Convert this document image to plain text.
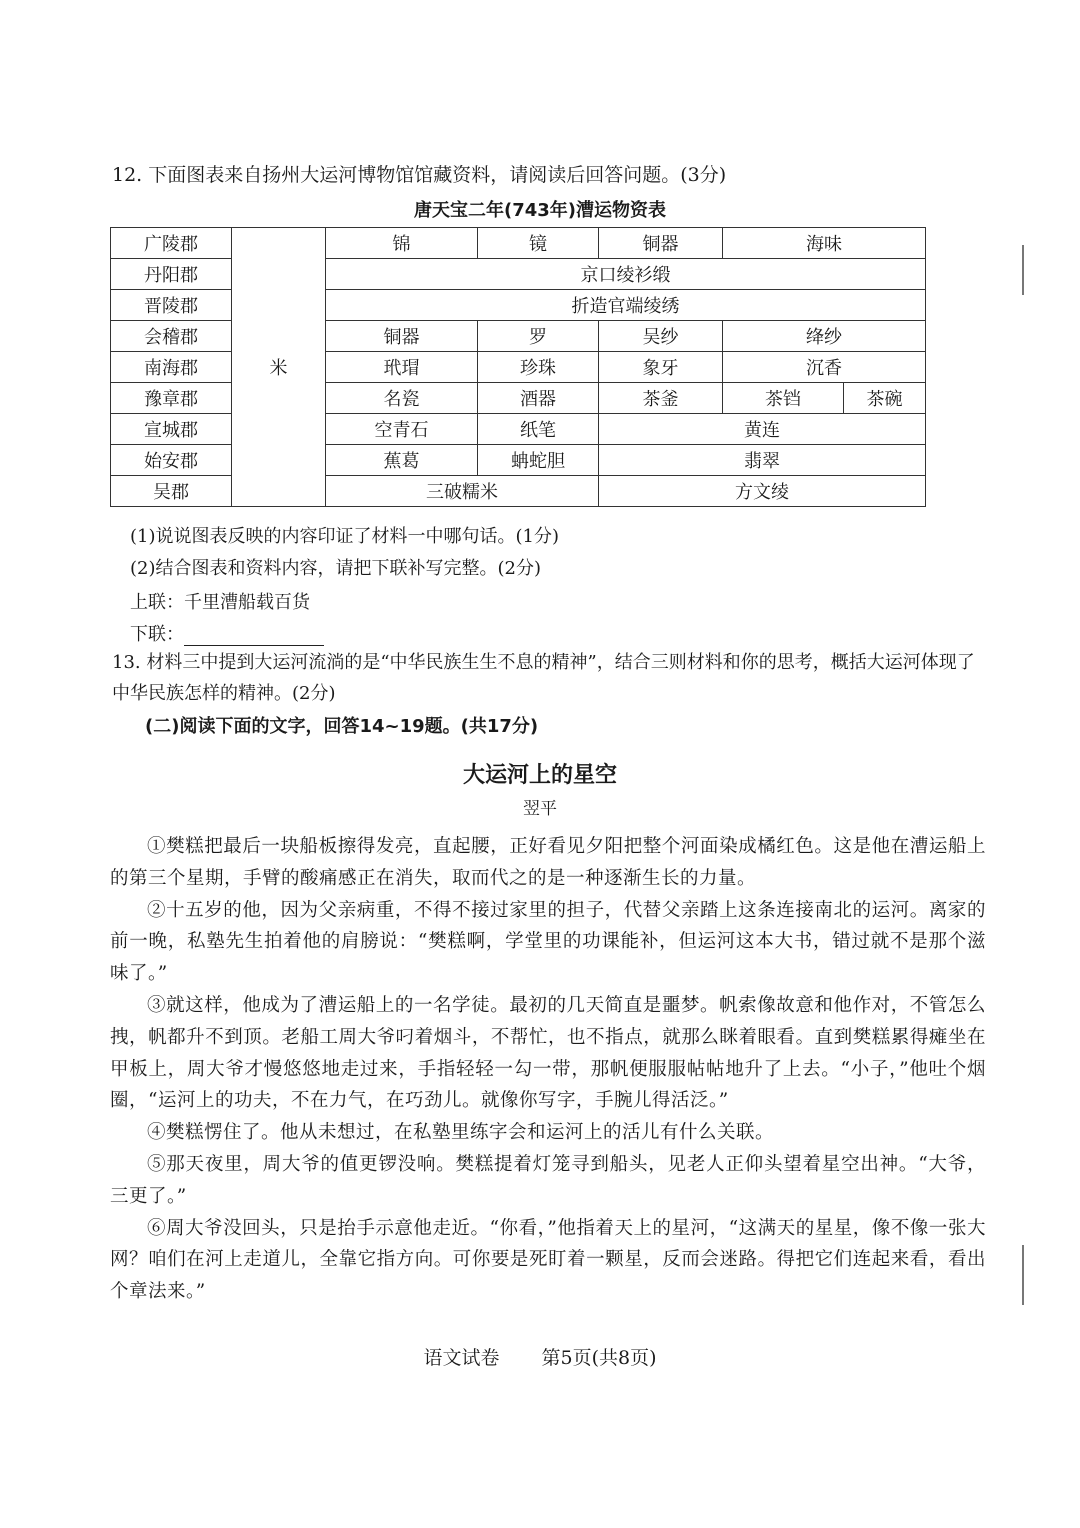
12. 下面图表来自扬州大运河博物馆馆藏资料，请阅读后回答问题。(3分)
唐天宝二年(743年)漕运物资表
广陵郡	米	锦	镜	铜器	海味	
丹阳郡		京口绫衫缎				
晋陵郡		折造官端绫绣				
会稽郡		铜器	罗	吴纱	绛纱	
南海郡		玳瑁	珍珠	象牙	沉香	
豫章郡		名瓷	酒器	茶釜	茶铛	茶碗
宣城郡		空青石	纸笔	黄连		
始安郡		蕉葛	蚺蛇胆	翡翠		
吴郡		三破糯米		方文绫		
(1)说说图表反映的内容印证了材料一中哪句话。(1分)
(2)结合图表和资料内容，请把下联补写完整。(2分)
上联：千里漕船载百货
下联：
13. 材料三中提到大运河流淌的是“中华民族生生不息的精神”，结合三则材料和你的思考，概括大运河体现了中华民族怎样的精神。(2分)
(二)阅读下面的文字，回答14~19题。(共17分)
大运河上的星空
翌平

①樊糕把最后一块船板擦得发亮，直起腰，正好看见夕阳把整个河面染成橘红色。这是他在漕运船上的第三个星期，手臂的酸痛感正在消失，取而代之的是一种逐渐生长的力量。

②十五岁的他，因为父亲病重，不得不接过家里的担子，代替父亲踏上这条连接南北的运河。离家的前一晚，私塾先生拍着他的肩膀说：“樊糕啊，学堂里的功课能补，但运河这本大书，错过就不是那个滋味了。”

③就这样，他成为了漕运船上的一名学徒。最初的几天简直是噩梦。帆索像故意和他作对，不管怎么拽，帆都升不到顶。老船工周大爷叼着烟斗，不帮忙，也不指点，就那么眯着眼看。直到樊糕累得瘫坐在甲板上，周大爷才慢悠悠地走过来，手指轻轻一勾一带，那帆便服服帖帖地升了上去。“小子，”他吐个烟圈，“运河上的功夫，不在力气，在巧劲儿。就像你写字，手腕儿得活泛。”

④樊糕愣住了。他从未想过，在私塾里练字会和运河上的活儿有什么关联。

⑤那天夜里，周大爷的值更锣没响。樊糕提着灯笼寻到船头，见老人正仰头望着星空出神。“大爷，三更了。”

⑥周大爷没回头，只是抬手示意他走近。“你看，”他指着天上的星河，“这满天的星星，像不像一张大网？咱们在河上走道儿，全靠它指方向。可你要是死盯着一颗星，反而会迷路。得把它们连起来看，看出个章法来。”

语文试卷 第5页(共8页)
